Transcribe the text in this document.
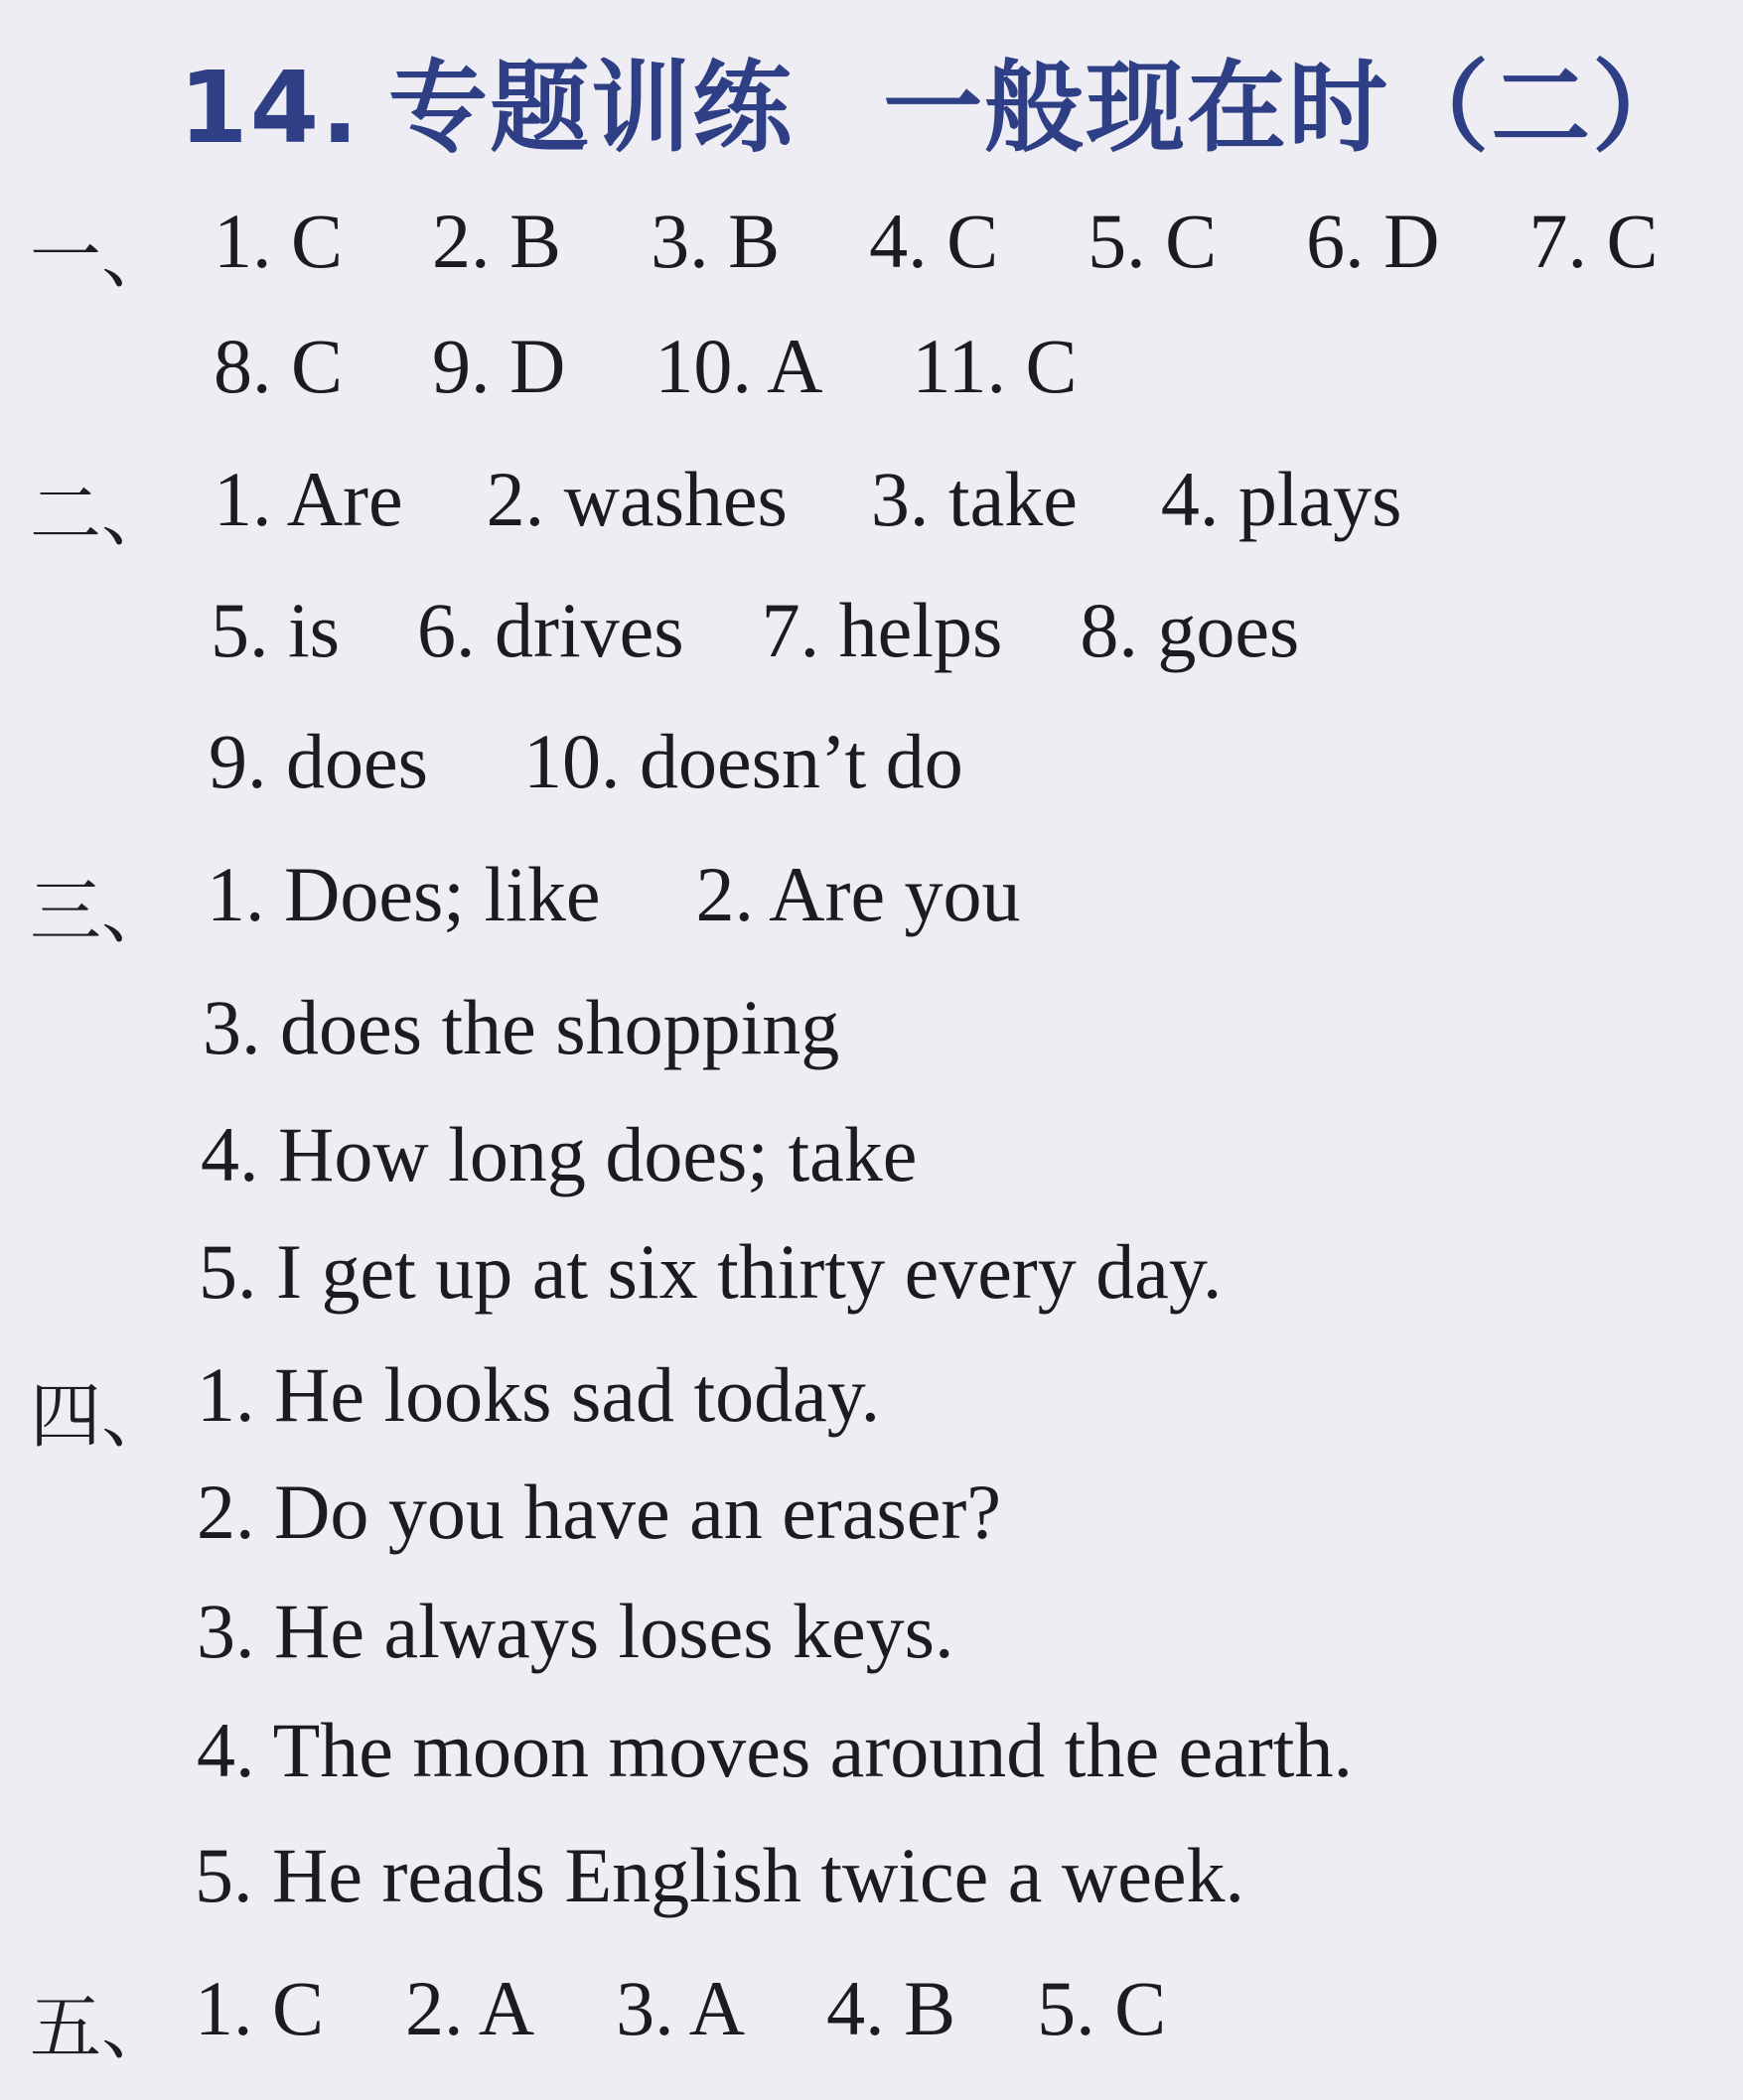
14. 专题训练 一般现在时（二）
一、 1. C 2. B 3. B 4. C 5. C 6. D 7. C
8. C 9. D 10. A 11. C
二、 1. Are 2. washes 3. take 4. plays
5. is 6. drives 7. helps 8. goes
9. does 10. doesn’t do
三、 1. Does; like 2. Are you
3. does the shopping
4. How long does; take
5. I get up at six thirty every day.
四、 1. He looks sad today.
2. Do you have an eraser?
3. He always loses keys.
4. The moon moves around the earth.
5. He reads English twice a week.
五、 1. C 2. A 3. A 4. B 5. C
